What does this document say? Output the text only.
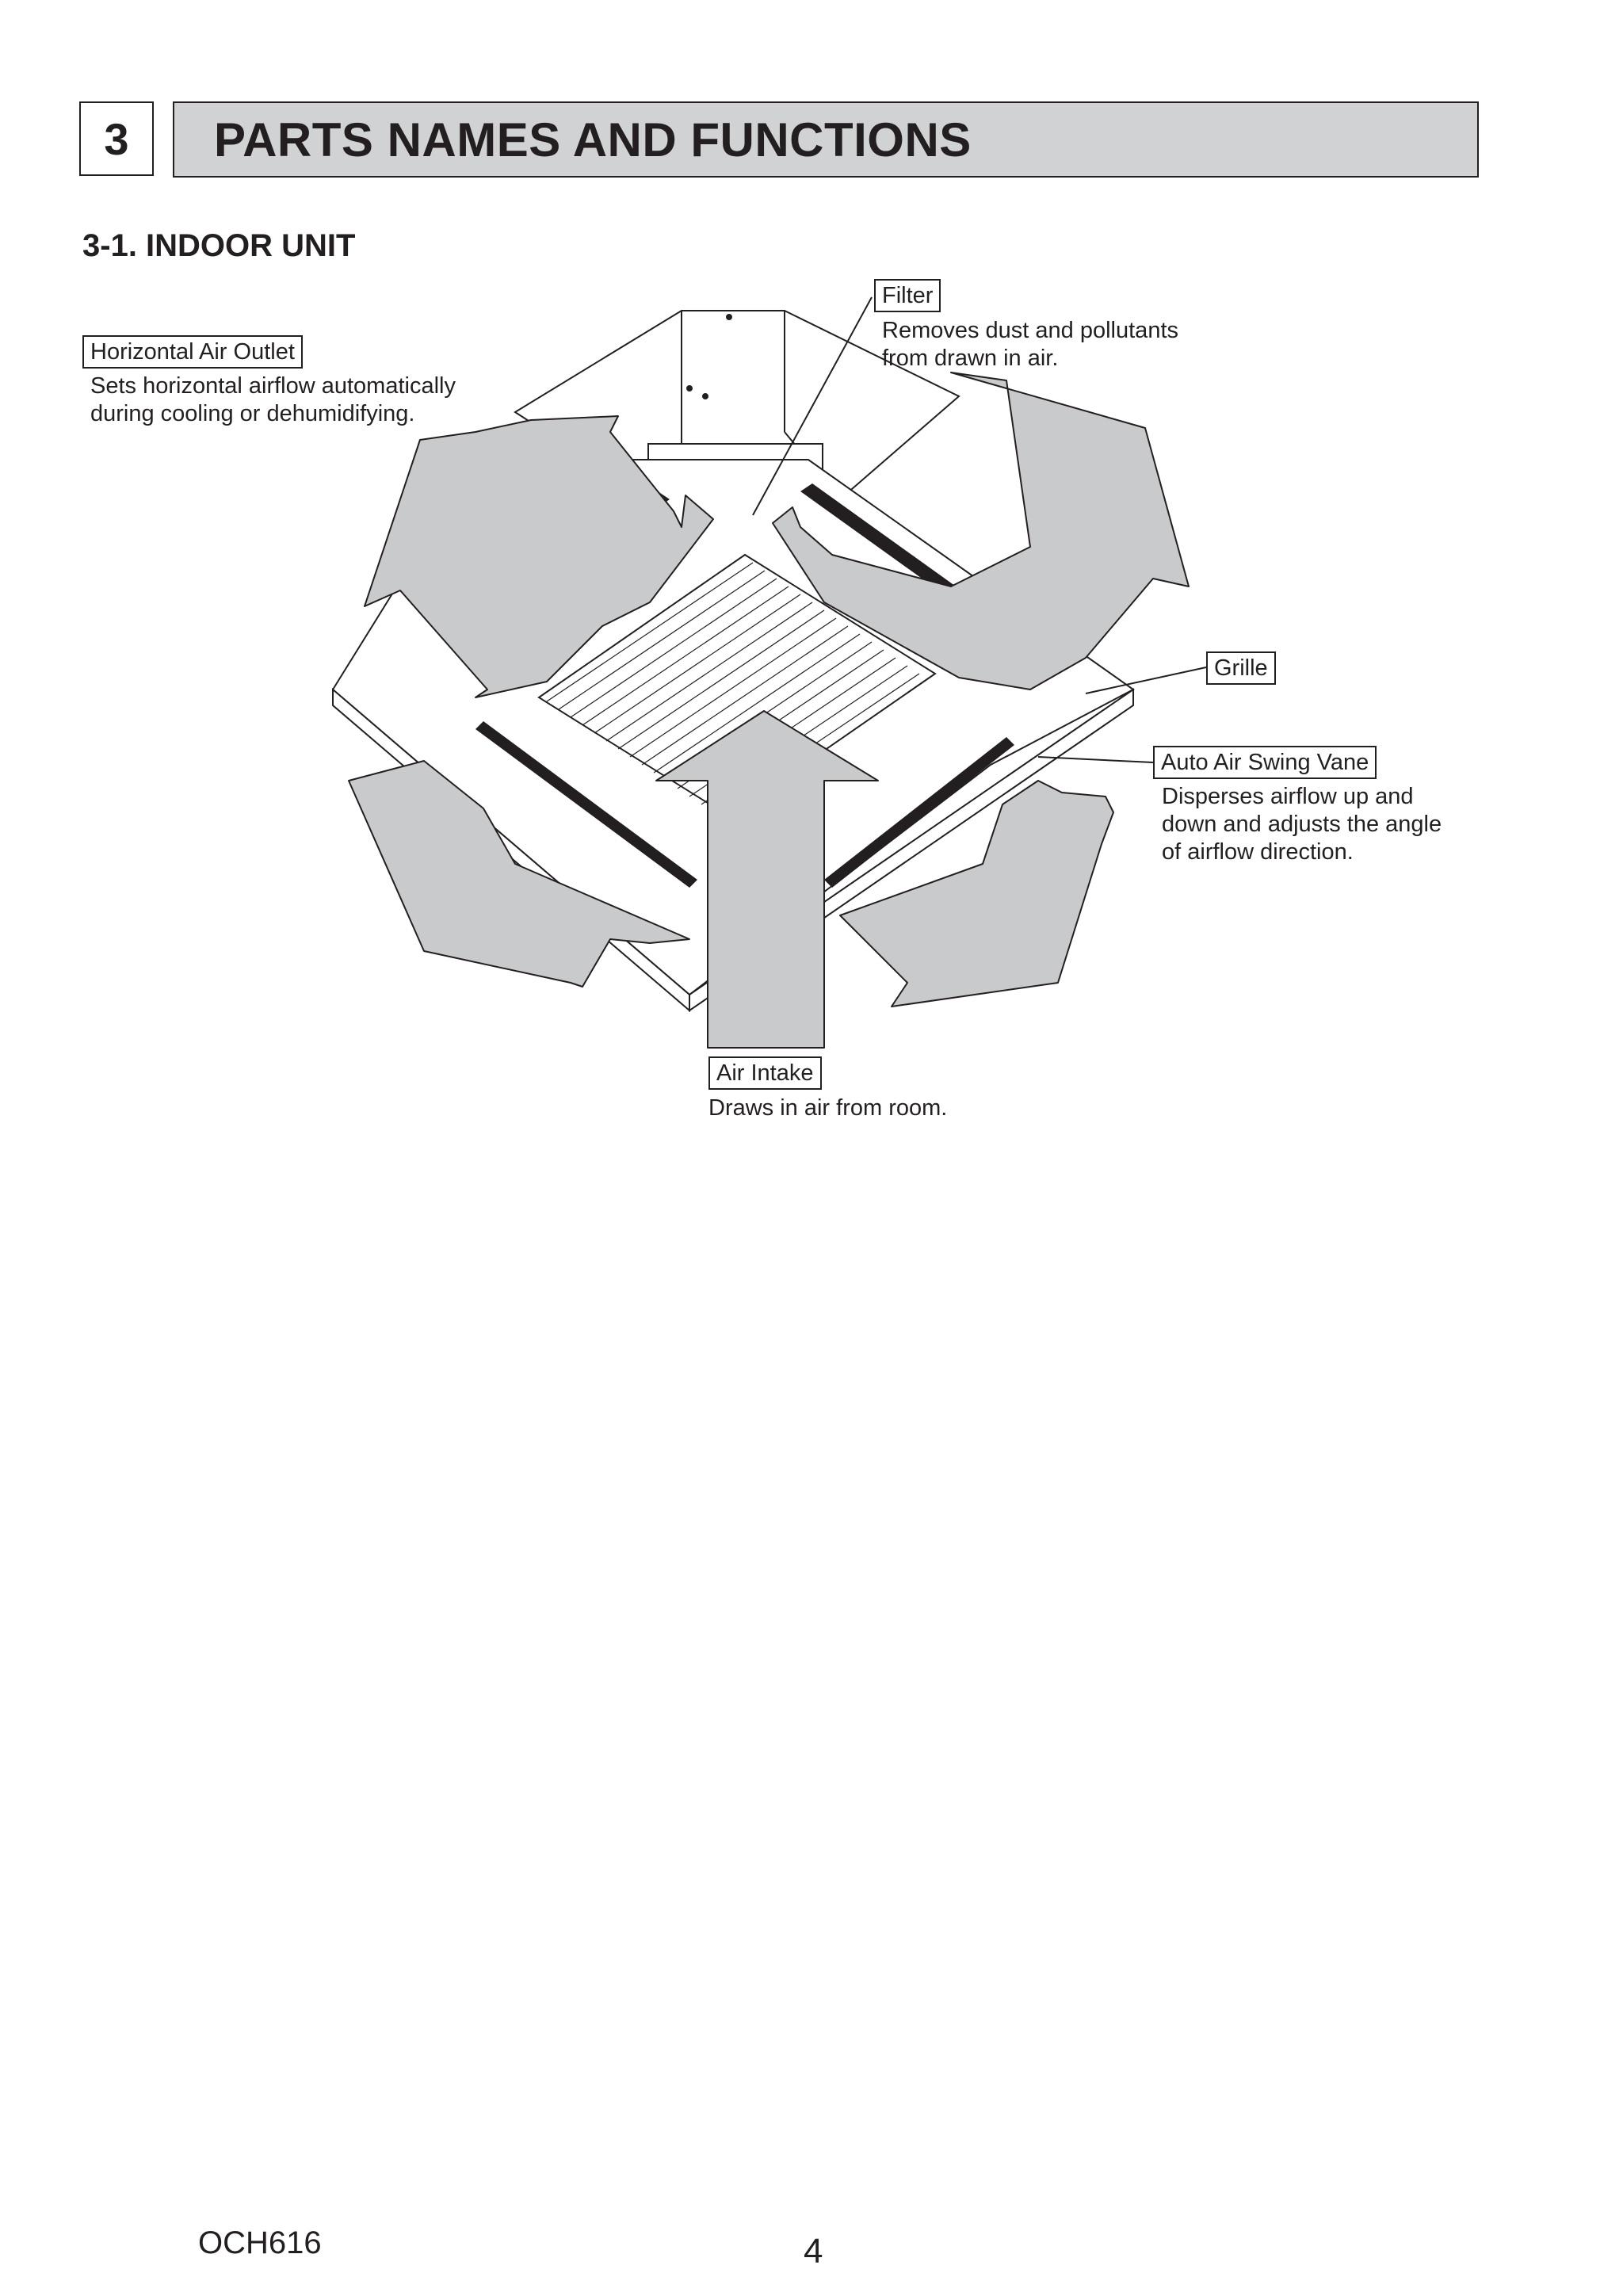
3	PARTS NAMES AND FUNCTIONS
3-1. INDOOR UNIT
Filter
Removes dust and pollutants
from drawn in air.
Horizontal Air Outlet
Sets horizontal airflow automatically
during cooling or dehumidifying.
Grille
Auto Air Swing Vane
Disperses airflow up and
down and adjusts the angle
of airflow direction.
Air Intake
Draws in air from room.
OCH616	4
